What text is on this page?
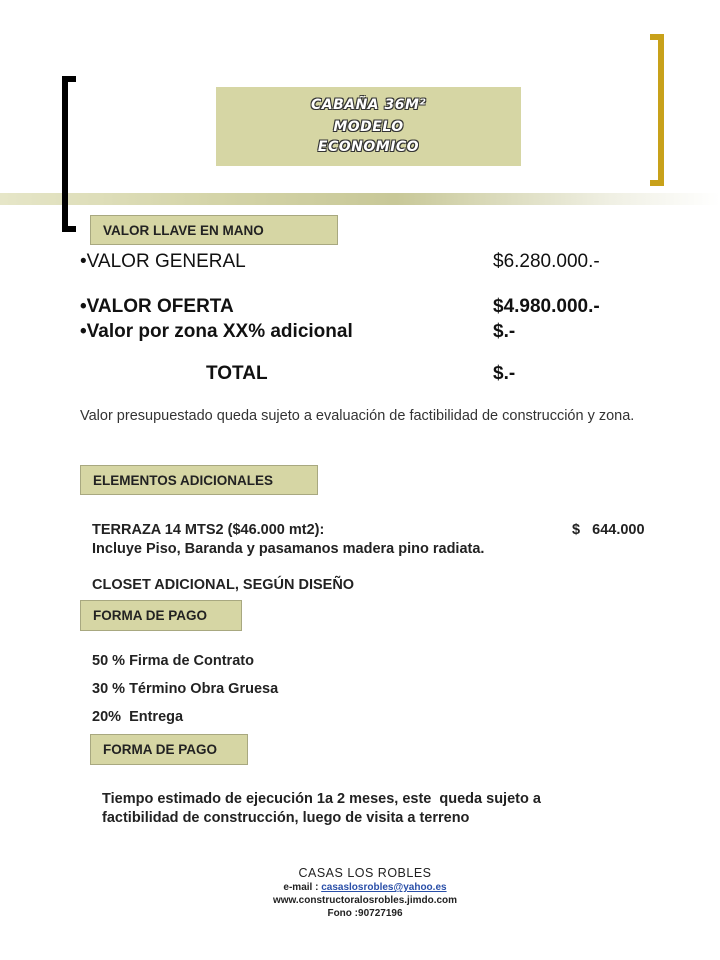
CABAÑA 36M²
MODELO
ECONOMICO
VALOR LLAVE EN MANO
•VALOR GENERAL	$6.280.000.-
•VALOR OFERTA	$4.980.000.-
•Valor por zona XX% adicional	$.-
TOTAL	$.-
Valor presupuestado queda sujeto a evaluación de factibilidad de construcción y zona.
ELEMENTOS ADICIONALES
TERRAZA 14 MTS2 ($46.000 mt2):	$   644.000
Incluye Piso, Baranda y pasamanos madera pino radiata.
CLOSET ADICIONAL, SEGÚN DISEÑO
FORMA DE PAGO
50 % Firma de Contrato
30 % Término Obra Gruesa
20%  Entrega
FORMA DE PAGO
Tiempo estimado de ejecución 1a 2 meses, este  queda sujeto a
factibilidad de construcción, luego de visita a terreno
CASAS LOS ROBLES
e-mail : casaslosrobles@yahoo.es
www.constructoralosrobles.jimdo.com
Fono :90727196
